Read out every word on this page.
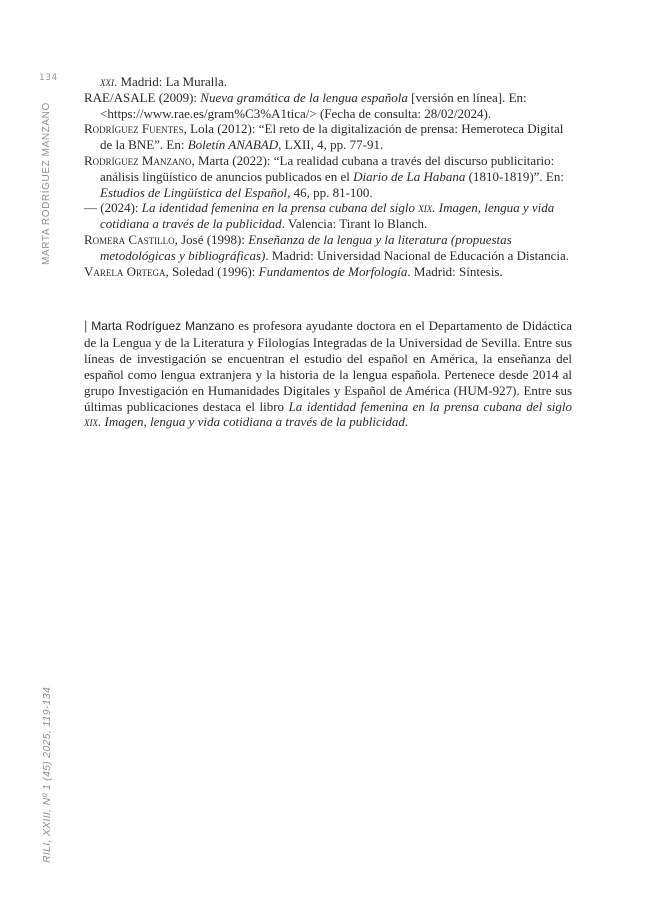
134

MARTA RODRÍGUEZ MANZANO
RILI, XXIII, Nº 1 (45) 2025, 119-134
xxi. Madrid: La Muralla.
RAE/ASALE (2009): Nueva gramática de la lengua española [versión en línea]. En: <https://www.rae.es/gram%C3%A1tica/> (Fecha de consulta: 28/02/2024).
Rodríguez Fuentes, Lola (2012): “El reto de la digitalización de prensa: Hemeroteca Digital de la BNE”. En: Boletín ANABAD, LXII, 4, pp. 77-91.
Rodríguez Manzano, Marta (2022): “La realidad cubana a través del discurso publicitario: análisis lingüístico de anuncios publicados en el Diario de La Habana (1810-1819)”. En: Estudios de Lingüística del Español, 46, pp. 81-100.
— (2024): La identidad femenina en la prensa cubana del siglo xix. Imagen, lengua y vida cotidiana a través de la publicidad. Valencia: Tirant lo Blanch.
Romera Castillo, José (1998): Enseñanza de la lengua y la literatura (propuestas metodológicas y bibliográficas). Madrid: Universidad Nacional de Educación a Distancia.
Varela Ortega, Soledad (1996): Fundamentos de Morfología. Madrid: Síntesis.

| Marta Rodríguez Manzano es profesora ayudante doctora en el Departamento de Didáctica de la Lengua y de la Literatura y Filologías Integradas de la Universidad de Sevilla. Entre sus líneas de investigación se encuentran el estudio del español en América, la enseñanza del español como lengua extranjera y la historia de la lengua española. Pertenece desde 2014 al grupo Investigación en Humanidades Digitales y Español de América (HUM-927). Entre sus últimas publicaciones destaca el libro La identidad femenina en la prensa cubana del siglo xix. Imagen, lengua y vida cotidiana a través de la publicidad.
